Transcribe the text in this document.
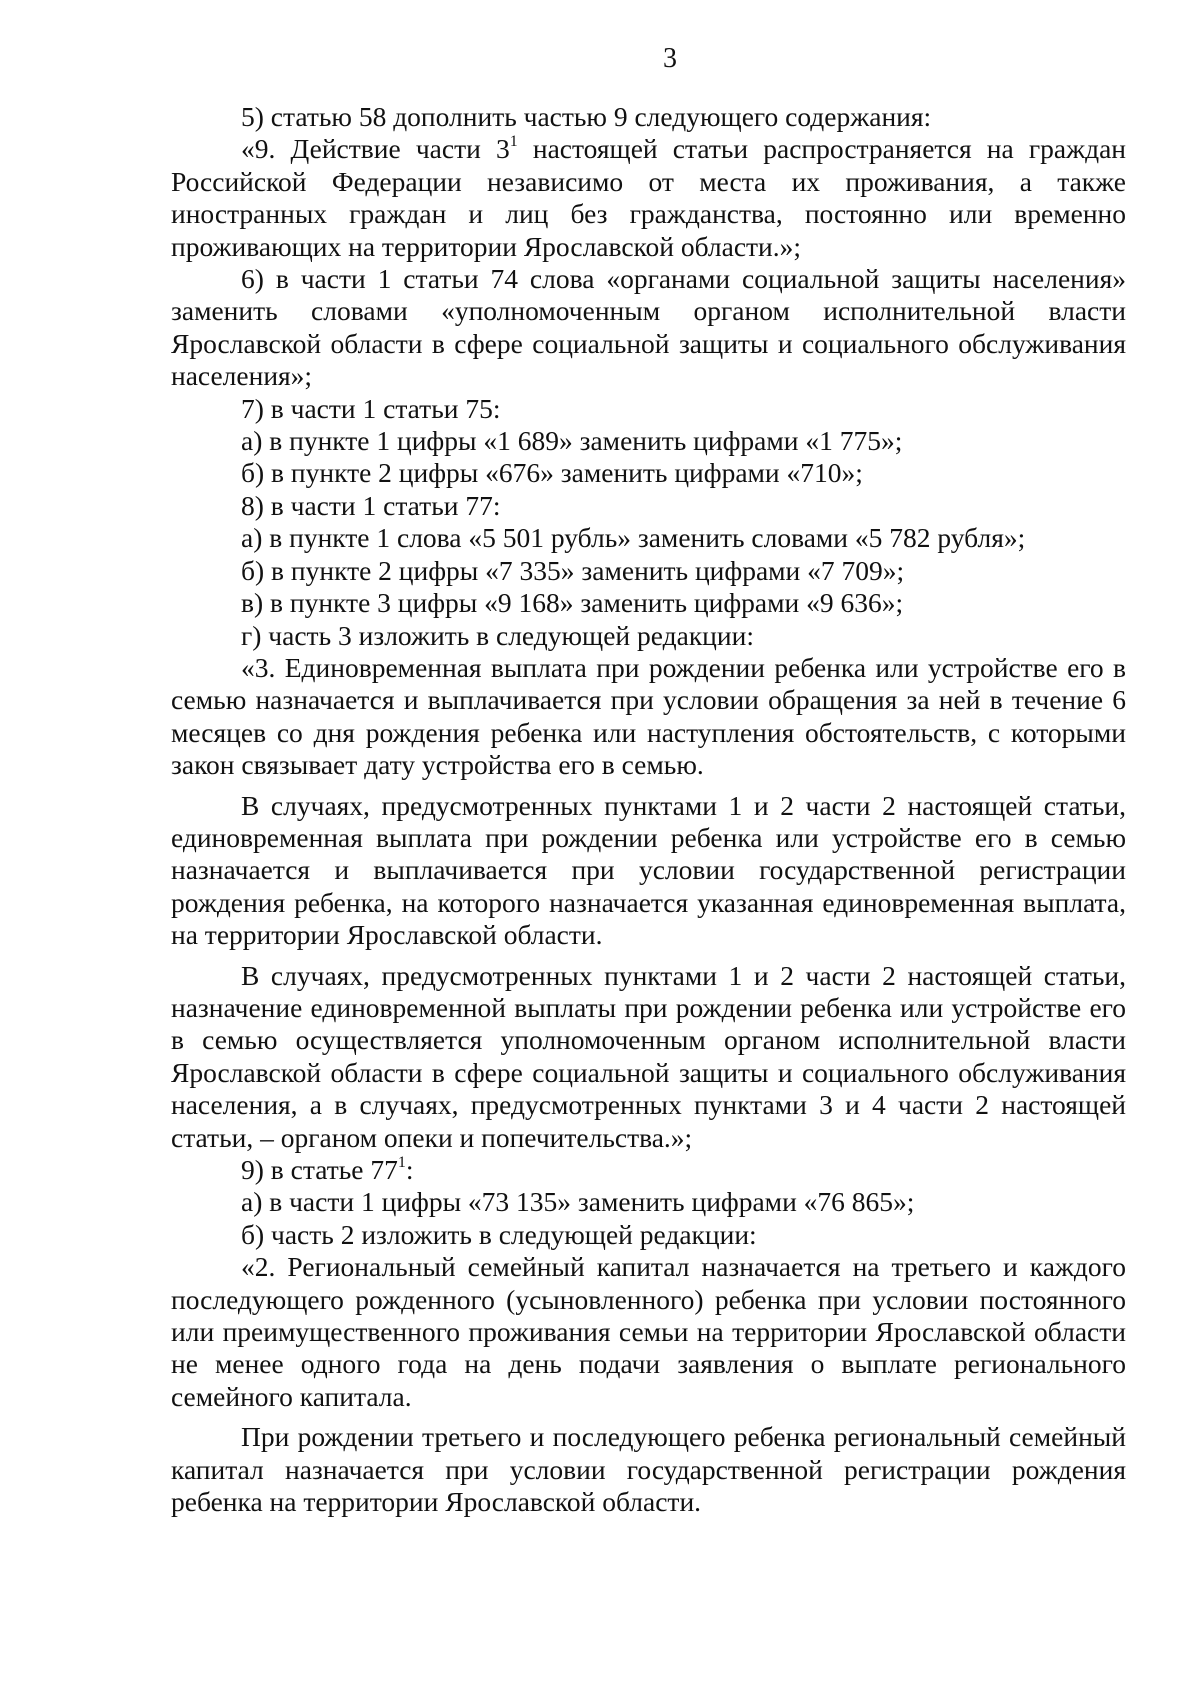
3

5) статью 58 дополнить частью 9 следующего содержания:

«9. Действие части $3^1$ настоящей статьи распространяется на граждан Российской Федерации независимо от места их проживания, а также иностранных граждан и лиц без гражданства, постоянно или временно проживающих на территории Ярославской области.»;

6) в части 1 статьи 74 слова «органами социальной защиты населения» заменить словами «уполномоченным органом исполнительной власти Ярославской области в сфере социальной защиты и социального обслуживания населения»;

7) в части 1 статьи 75:

а) в пункте 1 цифры «1 689» заменить цифрами «1 775»;

б) в пункте 2 цифры «676» заменить цифрами «710»;

8) в части 1 статьи 77:

а) в пункте 1 слова «5 501 рубль» заменить словами «5 782 рубля»;

б) в пункте 2 цифры «7 335» заменить цифрами «7 709»;

в) в пункте 3 цифры «9 168» заменить цифрами «9 636»;

г) часть 3 изложить в следующей редакции:

«3. Единовременная выплата при рождении ребенка или устройстве его в семью назначается и выплачивается при условии обращения за ней в течение 6 месяцев со дня рождения ребенка или наступления обстоятельств, с которыми закон связывает дату устройства его в семью.

В случаях, предусмотренных пунктами 1 и 2 части 2 настоящей статьи, единовременная выплата при рождении ребенка или устройстве его в семью назначается и выплачивается при условии государственной регистрации рождения ребенка, на которого назначается указанная единовременная выплата, на территории Ярославской области.

В случаях, предусмотренных пунктами 1 и 2 части 2 настоящей статьи, назначение единовременной выплаты при рождении ребенка или устройстве его в семью осуществляется уполномоченным органом исполнительной власти Ярославской области в сфере социальной защиты и социального обслуживания населения, а в случаях, предусмотренных пунктами 3 и 4 части 2 настоящей статьи, – органом опеки и попечительства.»;

9) в статье $77^1$:

а) в части 1 цифры «73 135» заменить цифрами «76 865»;

б) часть 2 изложить в следующей редакции:

«2. Региональный семейный капитал назначается на третьего и каждого последующего рожденного (усыновленного) ребенка при условии постоянного или преимущественного проживания семьи на территории Ярославской области не менее одного года на день подачи заявления о выплате регионального семейного капитала.

При рождении третьего и последующего ребенка региональный семейный капитал назначается при условии государственной регистрации рождения ребенка на территории Ярославской области.
